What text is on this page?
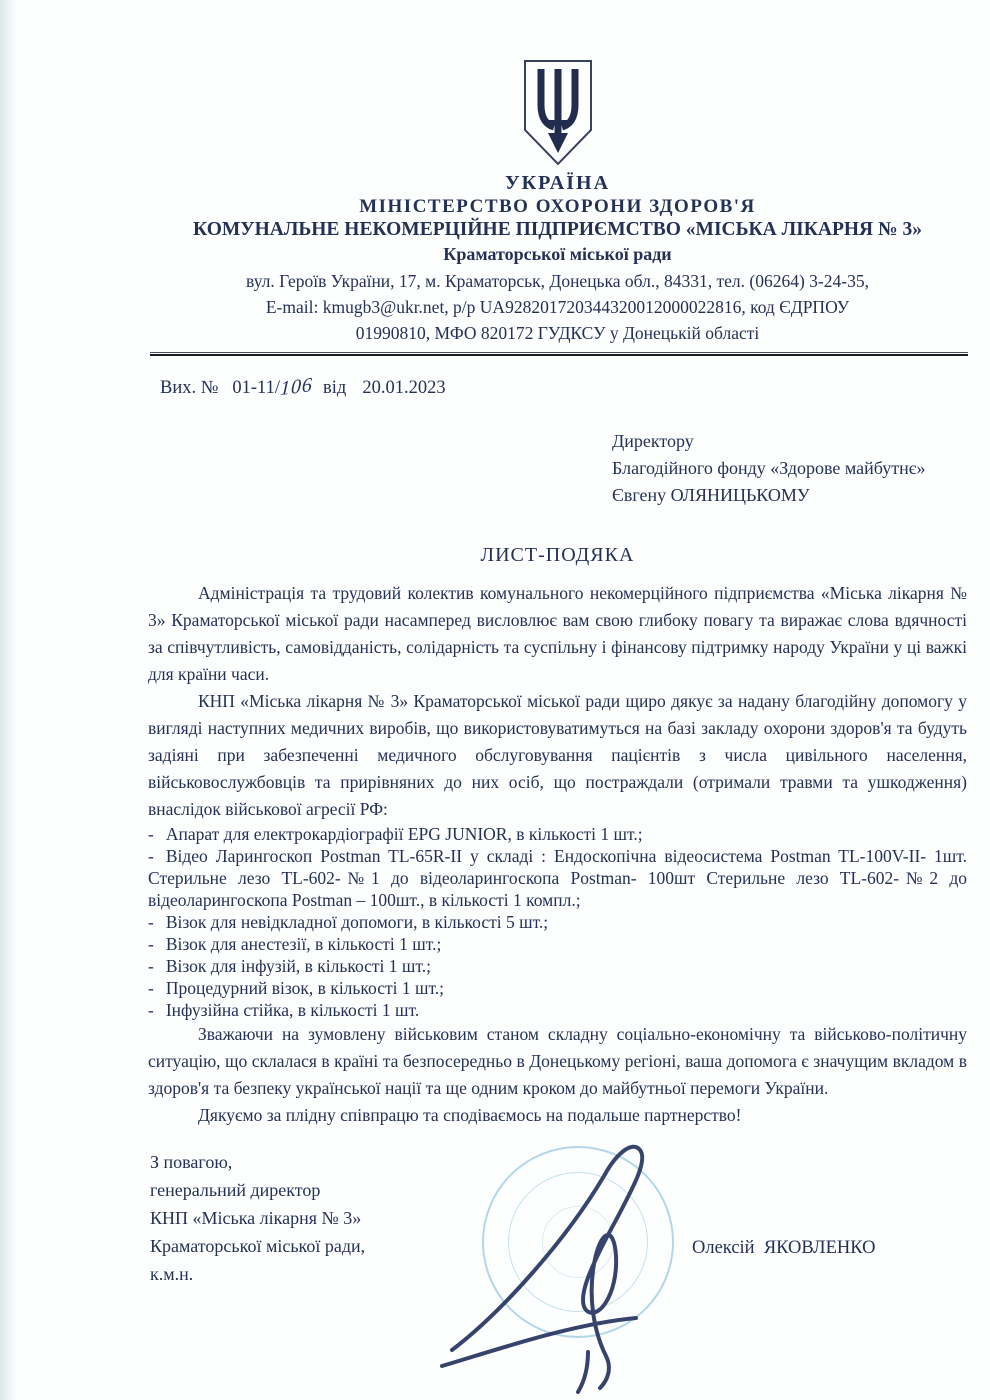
УКРАЇНА
МІНІСТЕРСТВО ОХОРОНИ ЗДОРОВ'Я
КОМУНАЛЬНЕ НЕКОМЕРЦІЙНЕ ПІДПРИЄМСТВО «МІСЬКА ЛІКАРНЯ № 3»
Краматорської міської ради
вул. Героїв України, 17, м. Краматорськ, Донецька обл., 84331, тел. (06264) 3-24-35,
E-mail: kmugb3@ukr.net, p/p UA928201720344320012000022816, код ЄДРПОУ
01990810, МФО 820172 ГУДКСУ у Донецькій області
Вих. № 01-11/106 від 20.01.2023
Директору
Благодійного фонду «Здорове майбутнє»
Євгену ОЛЯНИЦЬКОМУ
ЛИСТ-ПОДЯКА

Адміністрація та трудовий колектив комунального некомерційного підприємства «Міська лікарня № 3» Краматорської міської ради насамперед висловлює вам свою глибоку повагу та виражає слова вдячності за співчутливість, самовідданість, солідарність та суспільну і фінансову підтримку народу України у ці важкі для країни часи.

КНП «Міська лікарня № 3» Краматорської міської ради щиро дякує за надану благодійну допомогу у вигляді наступних медичних виробів, що використовуватимуться на базі закладу охорони здоров'я та будуть задіяні при забезпеченні медичного обслуговування пацієнтів з числа цивільного населення, військовослужбовців та прирівняних до них осіб, що постраждали (отримали травми та ушкодження) внаслідок військової агресії РФ:

- Апарат для електрокардіографії EPG JUNIOR, в кількості 1 шт.;
- Відео Ларингоскоп Postman TL-65R-II у складі : Ендоскопічна відеосистема Postman TL-100V-II- 1шт. Стерильне лезо TL-602-№1 до відеоларингоскопа Postman- 100шт Стерильне лезо TL-602-№2 до відеоларингоскопа Postman – 100шт., в кількості 1 компл.;
- Візок для невідкладної допомоги, в кількості 5 шт.;
- Візок для анестезії, в кількості 1 шт.;
- Візок для інфузій, в кількості 1 шт.;
- Процедурний візок, в кількості 1 шт.;
- Інфузійна стійка, в кількості 1 шт.

Зважаючи на зумовлену військовим станом складну соціально-економічну та військово-політичну ситуацію, що склалася в країні та безпосередньо в Донецькому регіоні, ваша допомога є значущим вкладом в здоров'я та безпеку української нації та ще одним кроком до майбутньої перемоги України.

Дякуємо за плідну співпрацю та сподіваємось на подальше партнерство!

З повагою,
генеральний директор
КНП «Міська лікарня № 3»
Краматорської міської ради,
к.м.н.
Олексій  ЯКОВЛЕНКО
